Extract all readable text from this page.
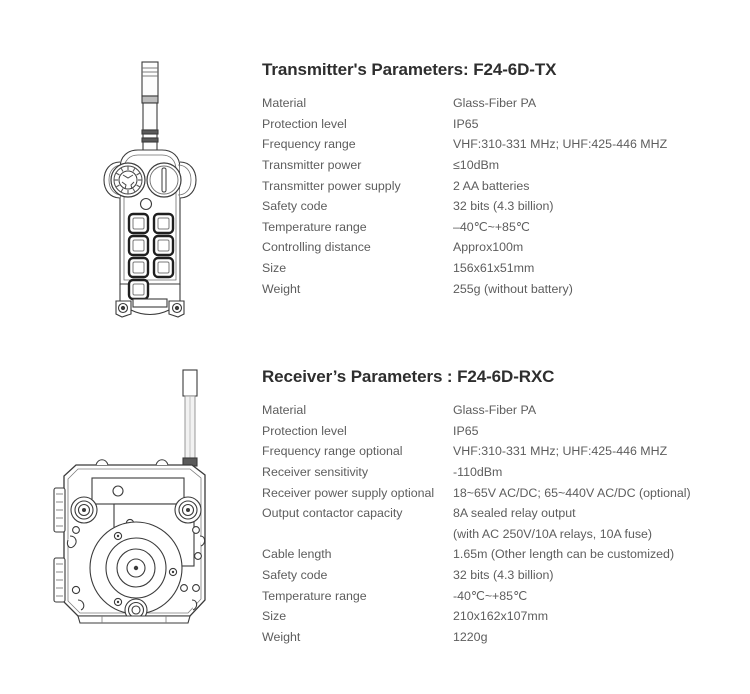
Transmitter's Parameters: F24-6D-TX
Material	Glass-Fiber PA
Protection level	IP65
Frequency range	VHF:310-331 MHz; UHF:425-446 MHZ
Transmitter power	≤10dBm
Transmitter power supply	2 AA batteries
Safety code	32 bits (4.3 billion)
Temperature range	–40℃~+85℃
Controlling distance	Approx100m
Size	156x61x51mm
Weight	255g (without battery)
Receiver’s Parameters : F24-6D-RXC
Material	Glass-Fiber PA
Protection level	IP65
Frequency range optional	VHF:310-331 MHz; UHF:425-446 MHZ
Receiver sensitivity	-110dBm
Receiver power supply optional	18~65V AC/DC; 65~440V AC/DC (optional)
Output contactor capacity	8A sealed relay output
	(with AC 250V/10A relays, 10A fuse)
Cable length	1.65m (Other length can be customized)
Safety code	32 bits (4.3 billion)
Temperature range	-40℃~+85℃
Size	210x162x107mm
Weight	1220g
